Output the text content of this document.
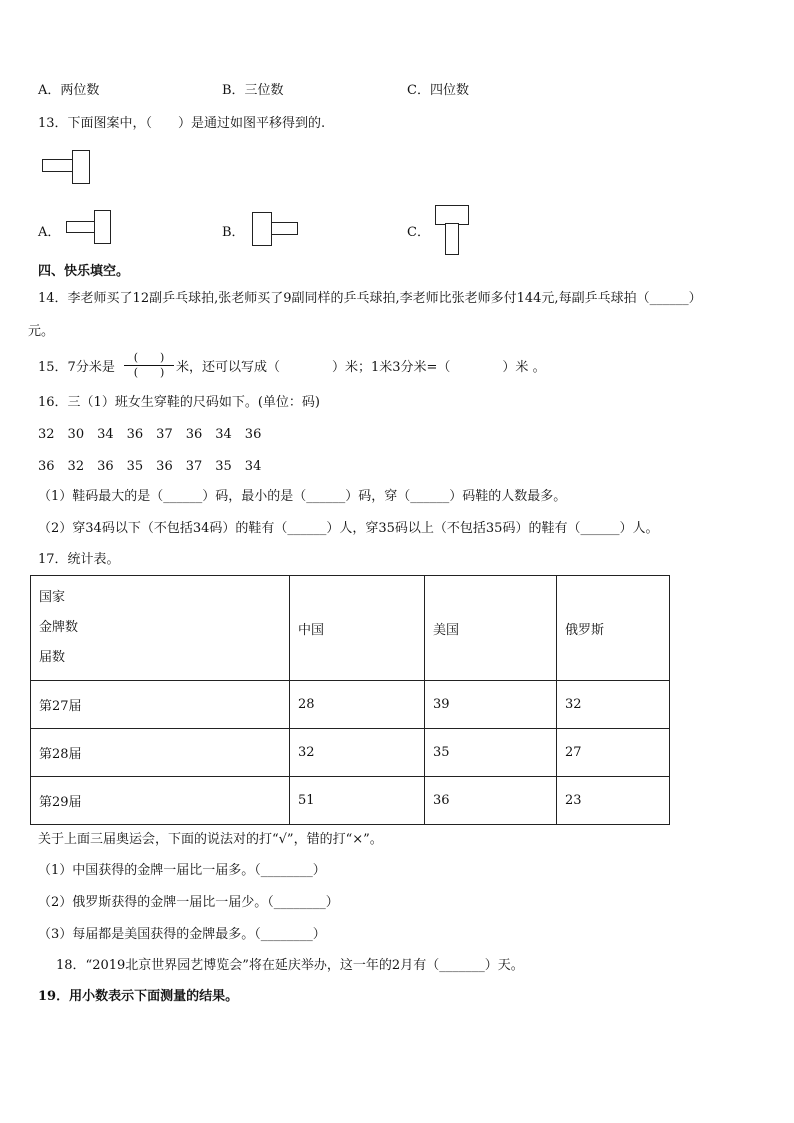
A．两位数	B．三位数	C．四位数
13．下面图案中，（　　）是通过如图平移得到的.
A．	B．	C．
四、快乐填空。
14．李老师买了12副乒乓球拍,张老师买了9副同样的乒乓球拍,李老师比张老师多付144元,每副乒乓球拍（______）
元。
15．7分米是
(　　)
(　　) 米，还可以写成（　　　　）米；1米3分米=（　　　　）米 。
16．三（1）班女生穿鞋的尺码如下。(单位：码)
32　30　34　36　37　36　34　36
36　32　36　35　36　37　35　34
（1）鞋码最大的是（______）码，最小的是（______）码，穿（______）码鞋的人数最多。
（2）穿34码以下（不包括34码）的鞋有（______）人，穿35码以上（不包括35码）的鞋有（______）人。
17．统计表。
国家
金牌数
届数	中国	美国	俄罗斯
第27届	28	39	32
第28届	32	35	27
第29届	51	36	23
关于上面三届奥运会，下面的说法对的打“√”，错的打“×”。
（1）中国获得的金牌一届比一届多。（________）
（2）俄罗斯获得的金牌一届比一届少。（________）
（3）每届都是美国获得的金牌最多。（________）
18．“2019北京世界园艺博览会”将在延庆举办，这一年的2月有（_______）天。
19．用小数表示下面测量的结果。
